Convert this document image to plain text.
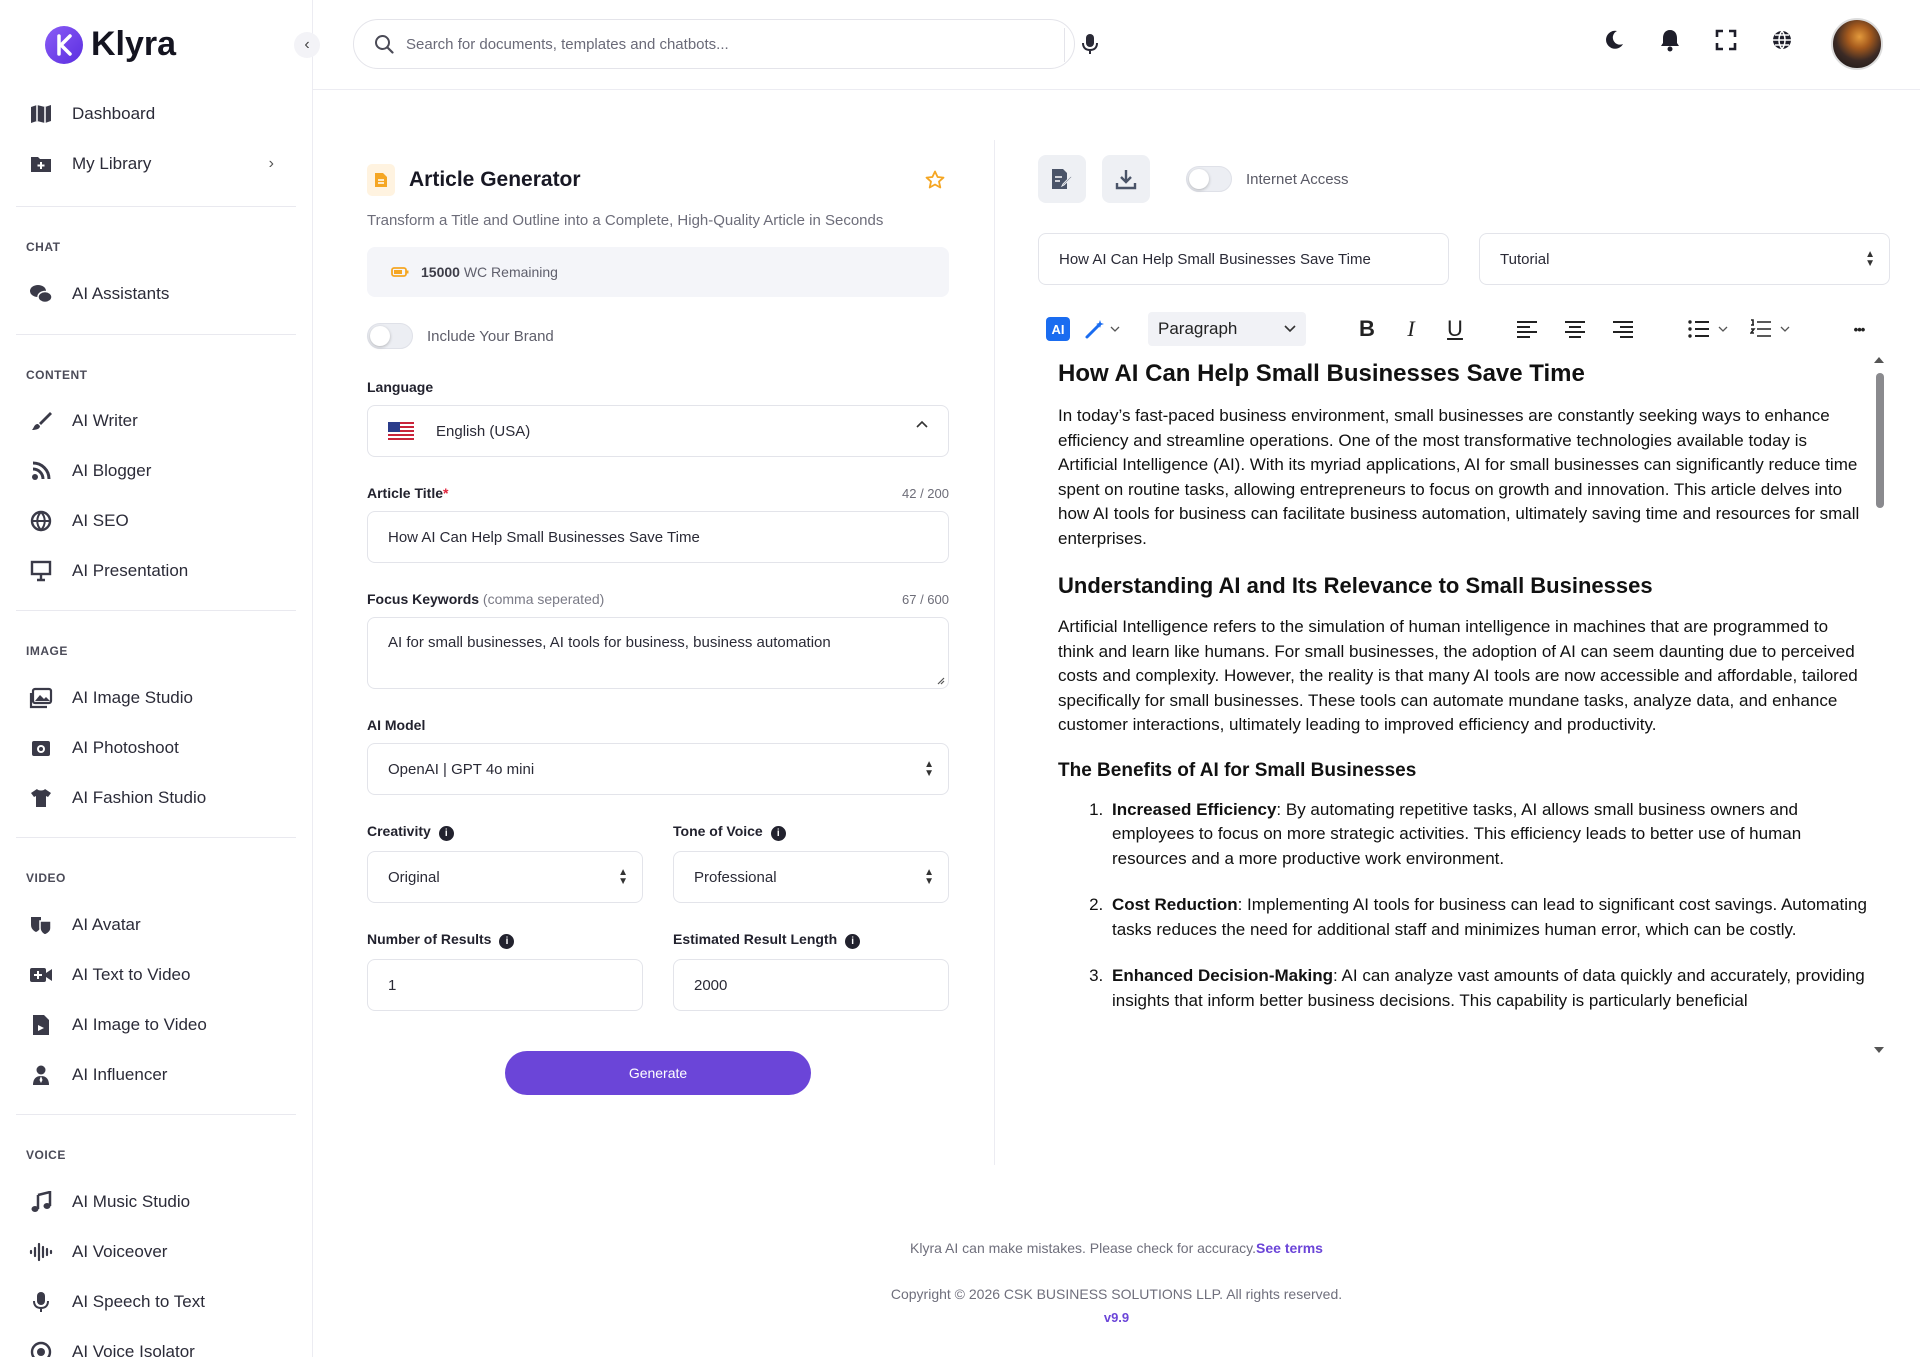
Klyra
Dashboard
My Library	›
CHAT
AI Assistants
CONTENT
AI Writer
AI Blogger
AI SEO
AI Presentation
IMAGE
AI Image Studio
AI Photoshoot
AI Fashion Studio
VIDEO
AI Avatar
AI Text to Video
AI Image to Video
AI Influencer
VOICE
AI Music Studio
AI Voiceover
AI Speech to Text
AI Voice Isolator
‹
Search for documents, templates and chatbots...
Article Generator
Transform a Title and Outline into a Complete, High-Quality Article in Seconds
15000 WC Remaining
Include Your Brand
Language
English (USA)
Article Title*	42 / 200
How AI Can Help Small Businesses Save Time
Focus Keywords (comma seperated)	67 / 600
AI for small businesses, AI tools for business, business automation
AI Model
OpenAI | GPT 4o mini	▲
▼
Creativity i
Original	▲
▼
Tone of Voice i
Professional	▲
▼
Number of Results i
1
Estimated Result Length i
2000
Generate
Internet Access
How AI Can Help Small Businesses Save Time	Tutorial	▲
▼
AI	Paragraph	B	I	U	•••
How AI Can Help Small Businesses Save Time

In today’s fast-paced business environment, small businesses are constantly seeking ways to enhance efficiency and streamline operations. One of the most transformative technologies available today is Artificial Intelligence (AI). With its myriad applications, AI for small businesses can significantly reduce time spent on routine tasks, allowing entrepreneurs to focus on growth and innovation. This article delves into how AI tools for business can facilitate business automation, ultimately saving time and resources for small enterprises.

Understanding AI and Its Relevance to Small Businesses

Artificial Intelligence refers to the simulation of human intelligence in machines that are programmed to think and learn like humans. For small businesses, the adoption of AI can seem daunting due to perceived costs and complexity. However, the reality is that many AI tools are now accessible and affordable, tailored specifically for small businesses. These tools can automate mundane tasks, analyze data, and enhance customer interactions, ultimately leading to improved efficiency and productivity.

The Benefits of AI for Small Businesses
1. Increased Efficiency: By automating repetitive tasks, AI allows small business owners and employees to focus on more strategic activities. This efficiency leads to better use of human resources and a more productive work environment.
2. Cost Reduction: Implementing AI tools for business can lead to significant cost savings. Automating tasks reduces the need for additional staff and minimizes human error, which can be costly.
3. Enhanced Decision-Making: AI can analyze vast amounts of data quickly and accurately, providing insights that inform better business decisions. This capability is particularly beneficial
Klyra AI can make mistakes. Please check for accuracy.See terms
Copyright © 2026 CSK BUSINESS SOLUTIONS LLP. All rights reserved.
v9.9
